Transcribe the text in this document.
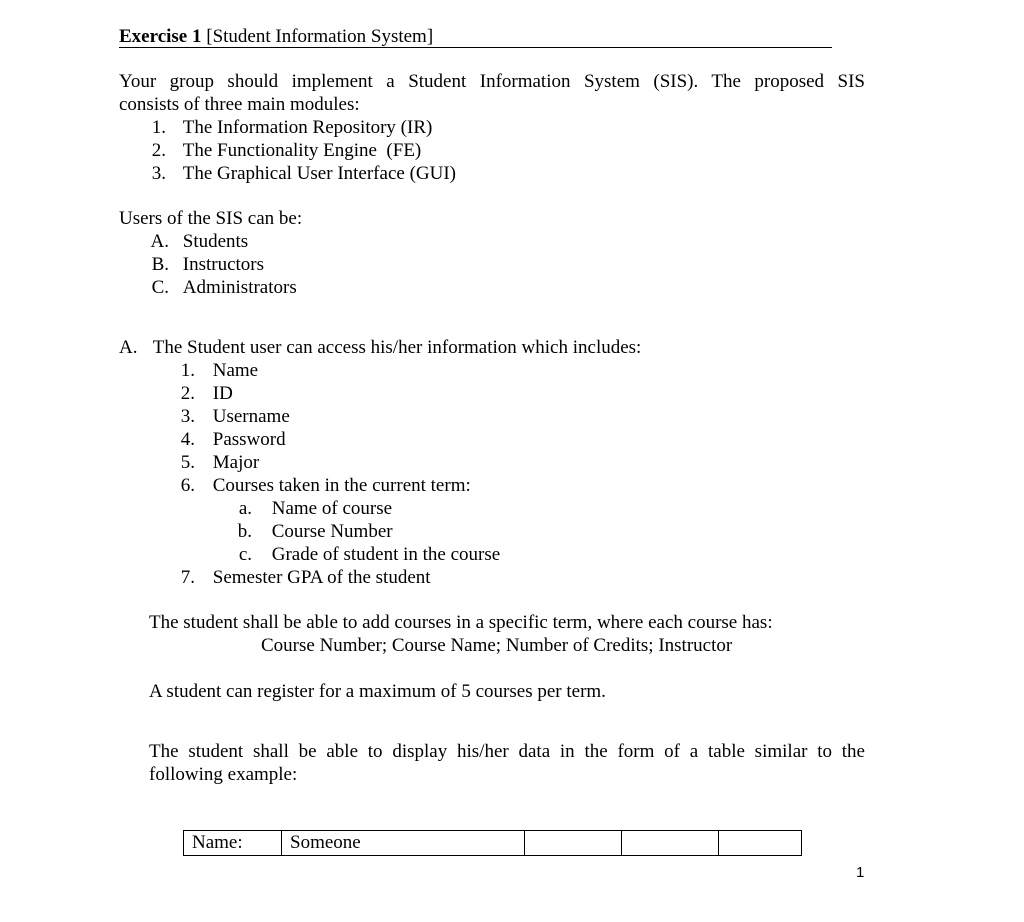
Exercise 1 [Student Information System]
Your group should implement a Student Information System (SIS). The proposed SIS
consists of three main modules:
1. The Information Repository (IR)
2. The Functionality Engine  (FE)
3. The Graphical User Interface (GUI)
Users of the SIS can be:
A. Students
B. Instructors
C. Administrators
A. The Student user can access his/her information which includes:
1. Name
2. ID
3. Username
4. Password
5. Major
6. Courses taken in the current term:
a. Name of course
b. Course Number
c. Grade of student in the course
7. Semester GPA of the student
The student shall be able to add courses in a specific term, where each course has:
Course Number; Course Name; Number of Credits; Instructor
A student can register for a maximum of 5 courses per term.
The student shall be able to display his/her data in the form of a table similar to the
following example:
Name:	Someone			
1
